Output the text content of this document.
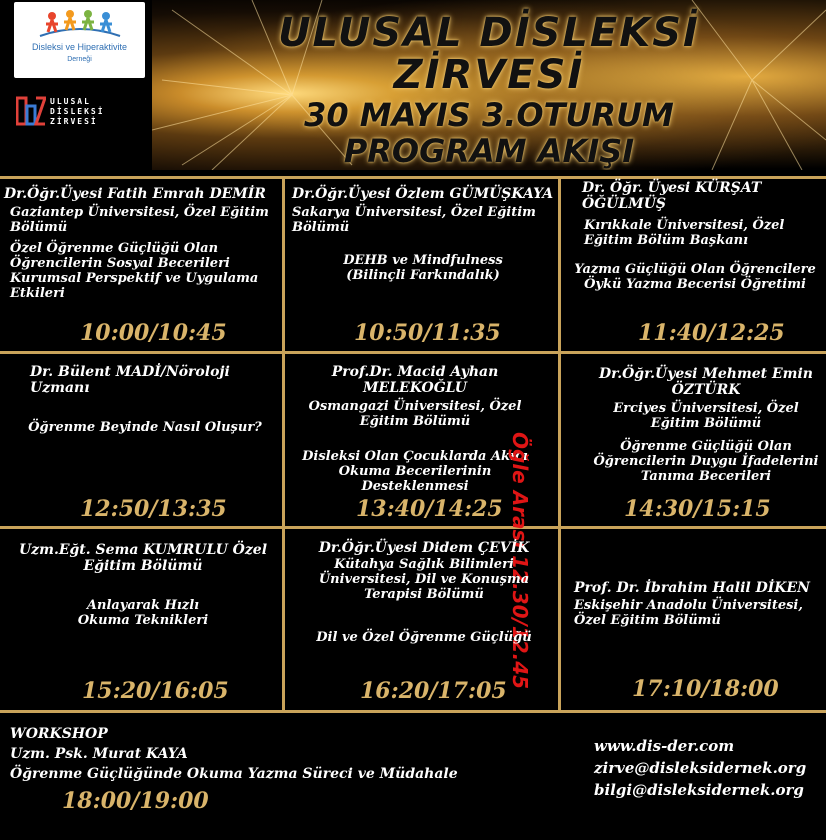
Disleksi ve Hiperaktivite
Derneği
ULUSAL
DİSLEKSİ
ZİRVESİ
ULUSAL DİSLEKSİ
ZİRVESİ
30 MAYIS 3.OTURUM
PROGRAM AKIŞI
Dr.Öğr.Üyesi Fatih Emrah DEMİR
Gaziantep Üniversitesi, Özel Eğitim Bölümü
Özel Öğrenme Güçlüğü Olan Öğrencilerin Sosyal Becerileri Kurumsal Perspektif ve Uygulama Etkileri
10:00/10:45
Dr.Öğr.Üyesi Özlem GÜMÜŞKAYA
Sakarya Üniversitesi, Özel Eğitim Bölümü
DEHB ve Mindfulness (Bilinçli Farkındalık)
10:50/11:35
Dr. Öğr. Üyesi KÜRŞAT ÖĞÜLMÜŞ
Kırıkkale Üniversitesi, Özel Eğitim Bölüm Başkanı
Yazma Güçlüğü Olan Öğrencilere Öykü Yazma Becerisi Öğretimi
11:40/12:25
Dr. Bülent MADİ/Nöroloji Uzmanı
Öğrenme Beyinde Nasıl Oluşur?
12:50/13:35
Prof.Dr. Macid Ayhan MELEKOĞLU
Osmangazi Üniversitesi, Özel Eğitim Bölümü
Disleksi Olan Çocuklarda Akıcı Okuma Becerilerinin Desteklenmesi
13:40/14:25 Öğle Arası 12.30/12.45
Dr.Öğr.Üyesi Mehmet Emin ÖZTÜRK
Erciyes Üniversitesi, Özel Eğitim Bölümü
Öğrenme Güçlüğü Olan Öğrencilerin Duygu İfadelerini Tanıma Becerileri
14:30/15:15
Uzm.Eğt. Sema KUMRULU Özel Eğitim Bölümü
Anlayarak Hızlı Okuma Teknikleri
15:20/16:05
Dr.Öğr.Üyesi Didem ÇEVİK
Kütahya Sağlık Bilimleri Üniversitesi, Dil ve Konuşma Terapisi Bölümü
Dil ve Özel Öğrenme Güçlüğü
16:20/17:05
Prof. Dr. İbrahim Halil DİKEN
Eskişehir Anadolu Üniversitesi, Özel Eğitim Bölümü
17:10/18:00
WORKSHOP
Uzm. Psk. Murat KAYA
Öğrenme Güçlüğünde Okuma Yazma Süreci ve Müdahale
18:00/19:00
www.dis-der.com
zirve@disleksidernek.org
bilgi@disleksidernek.org
